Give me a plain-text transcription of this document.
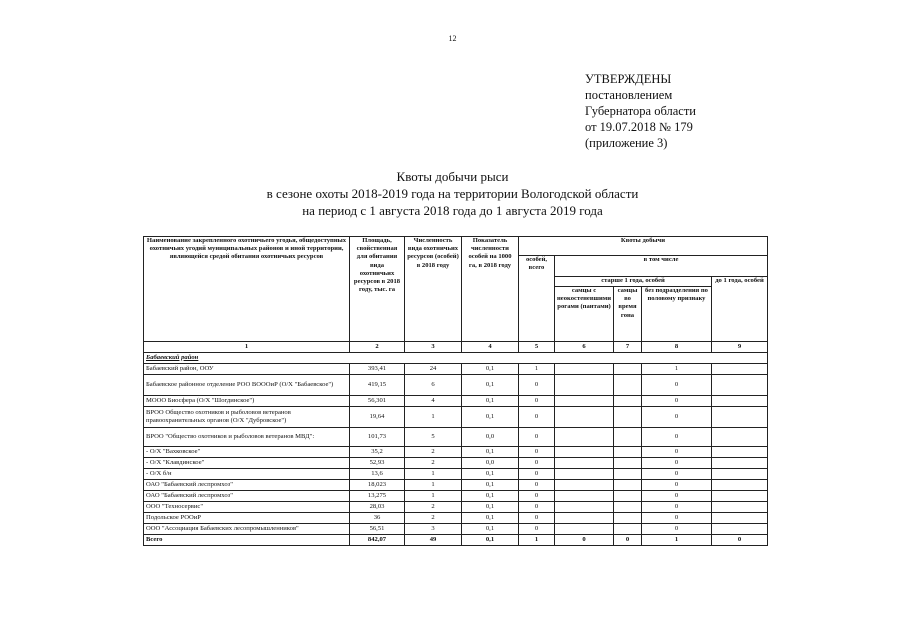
12
УТВЕРЖДЕНЫ
постановлением
Губернатора области
от 19.07.2018 № 179
(приложение 3)
Квоты добычи рыси
в сезоне охоты 2018-2019 года на территории Вологодской области
на период с 1 августа 2018 года до 1 августа 2019 года
Наименование закрепленного охотничьего угодья, общедоступных охотничьих угодий муниципальных районов и иной территории, являющейся средой обитания охотничьих ресурсов	Площадь, свойственная для обитания вида охотничьих ресурсов в 2018 году, тыс. га	Численность вида охотничьих ресурсов (особей) в 2018 году	Показатель численности особей на 1000 га, в 2018 году	Квоты добычи				
				особей, всего	в том числе			
					старше 1 года, особей			до 1 года, особей
					самцы с неокостеневшими рогами (пантами)	самцы во время гона	без подразделения по половому признаку	
1	2	3	4	5	6	7	8	9
Бабаевский район								
Бабаевский район, ООУ	393,41	24	0,1	1			1	
Бабаевское районное отделение РОО ВОООиР (О/Х "Бабаевское")	419,15	6	0,1	0			0	
МООО Биосфера (О/Х "Шогдинское")	56,301	4	0,1	0			0	
ВРОО Общество охотников и рыболовов ветеранов правоохранительных органов (О/Х "Дубровское")	19,64	1	0,1	0			0	
ВРОО "Общество охотников и рыболовов ветеранов МВД":	101,73	5	0,0	0			0	
- О/Х "Вахковское"	35,2	2	0,1	0			0	
- О/Х "Клавдинское"	52,93	2	0,0	0			0	
- О/Х б/н	13,6	1	0,1	0			0	
ОАО "Бабаевский леспромхоз"	18,023	1	0,1	0			0	
ОАО "Бабаевский леспромхоз"	13,275	1	0,1	0			0	
ООО "Техносервис"	28,03	2	0,1	0			0	
Подольское РООиР	36	2	0,1	0			0	
ООО "Ассоциация Бабаевских лесопромышленников"	56,51	3	0,1	0			0	
Всего	842,07	49	0,1	1	0	0	1	0
